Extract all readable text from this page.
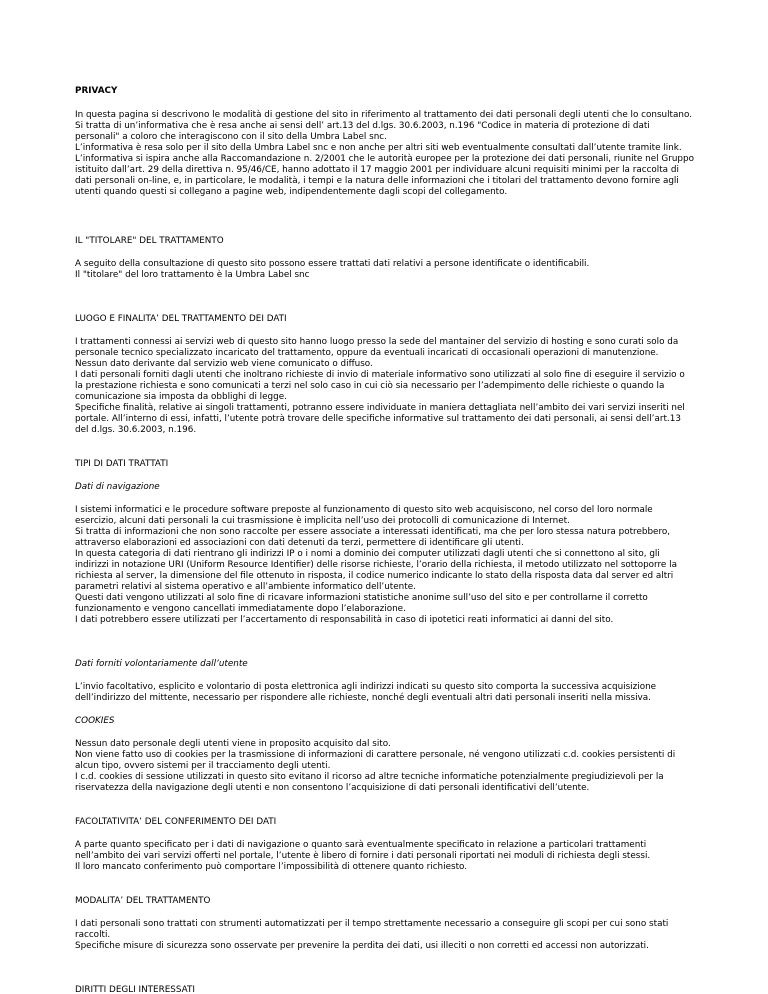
PRIVACY

In questa pagina si descrivono le modalità di gestione del sito in riferimento al trattamento dei dati personali degli utenti che lo consultano.

Si tratta di un’informativa che è resa anche ai sensi dell’ art.13 del d.lgs. 30.6.2003, n.196 "Codice in materia di protezione di dati personali" a coloro che interagiscono con il sito della Umbra Label snc.

L’informativa è resa solo per il sito della Umbra Label snc e non anche per altri siti web eventualmente consultati dall’utente tramite link.

L’informativa si ispira anche alla Raccomandazione n. 2/2001 che le autorità europee per la protezione dei dati personali, riunite nel Gruppo istituito dall’art. 29 della direttiva n. 95/46/CE, hanno adottato il 17 maggio 2001 per individuare alcuni requisiti minimi per la raccolta di dati personali on-line, e, in particolare, le modalità, i tempi e la natura delle informazioni che i titolari del trattamento devono fornire agli utenti quando questi si collegano a pagine web, indipendentemente dagli scopi del collegamento.

IL "TITOLARE" DEL TRATTAMENTO

A seguito della consultazione di questo sito possono essere trattati dati relativi a persone identificate o identificabili.

Il "titolare" del loro trattamento è la Umbra Label snc

LUOGO E FINALITA’ DEL TRATTAMENTO DEI DATI

I trattamenti connessi ai servizi web di questo sito hanno luogo presso la sede del mantainer del servizio di hosting e sono curati solo da personale tecnico specializzato incaricato del trattamento, oppure da eventuali incaricati di occasionali operazioni di manutenzione.

Nessun dato derivante dal servizio web viene comunicato o diffuso.

I dati personali forniti dagli utenti che inoltrano richieste di invio di materiale informativo sono utilizzati al solo fine di eseguire il servizio o la prestazione richiesta e sono comunicati a terzi nel solo caso in cui ciò sia necessario per l’adempimento delle richieste o quando la comunicazione sia imposta da obblighi di legge.

Specifiche finalità, relative ai singoli trattamenti, potranno essere individuate in maniera dettagliata nell’ambito dei vari servizi inseriti nel portale. All’interno di essi, infatti, l’utente potrà trovare delle specifiche informative sul trattamento dei dati personali, ai sensi dell’art.13 del d.lgs. 30.6.2003, n.196.

TIPI DI DATI TRATTATI
Dati di navigazione

I sistemi informatici e le procedure software preposte al funzionamento di questo sito web acquisiscono, nel corso del loro normale esercizio, alcuni dati personali la cui trasmissione è implicita nell’uso dei protocolli di comunicazione di Internet.

Si tratta di informazioni che non sono raccolte per essere associate a interessati identificati, ma che per loro stessa natura potrebbero, attraverso elaborazioni ed associazioni con dati detenuti da terzi, permettere di identificare gli utenti.

In questa categoria di dati rientrano gli indirizzi IP o i nomi a dominio dei computer utilizzati dagli utenti che si connettono al sito, gli indirizzi in notazione URI (Uniform Resource Identifier) delle risorse richieste, l’orario della richiesta, il metodo utilizzato nel sottoporre la richiesta al server, la dimensione del file ottenuto in risposta, il codice numerico indicante lo stato della risposta data dal server ed altri parametri relativi al sistema operativo e all’ambiente informatico dell’utente.

Questi dati vengono utilizzati al solo fine di ricavare informazioni statistiche anonime sull’uso del sito e per controllarne il corretto funzionamento e vengono cancellati immediatamente dopo l’elaborazione.

I dati potrebbero essere utilizzati per l’accertamento di responsabilità in caso di ipotetici reati informatici ai danni del sito.

Dati forniti volontariamente dall’utente

L’invio facoltativo, esplicito e volontario di posta elettronica agli indirizzi indicati su questo sito comporta la successiva acquisizione dell’indirizzo del mittente, necessario per rispondere alle richieste, nonché degli eventuali altri dati personali inseriti nella missiva.

COOKIES

Nessun dato personale degli utenti viene in proposito acquisito dal sito.

Non viene fatto uso di cookies per la trasmissione di informazioni di carattere personale, né vengono utilizzati c.d. cookies persistenti di alcun tipo, ovvero sistemi per il tracciamento degli utenti.

I c.d. cookies di sessione utilizzati in questo sito evitano il ricorso ad altre tecniche informatiche potenzialmente pregiudizievoli per la riservatezza della navigazione degli utenti e non consentono l’acquisizione di dati personali identificativi dell’utente.

FACOLTATIVITA’ DEL CONFERIMENTO DEI DATI

A parte quanto specificato per i dati di navigazione o quanto sarà eventualmente specificato in relazione a particolari trattamenti nell’ambito dei vari servizi offerti nel portale, l’utente è libero di fornire i dati personali riportati nei moduli di richiesta degli stessi.

Il loro mancato conferimento può comportare l’impossibilità di ottenere quanto richiesto.

MODALITA’ DEL TRATTAMENTO

I dati personali sono trattati con strumenti automatizzati per il tempo strettamente necessario a conseguire gli scopi per cui sono stati raccolti.

Specifiche misure di sicurezza sono osservate per prevenire la perdita dei dati, usi illeciti o non corretti ed accessi non autorizzati.

DIRITTI DEGLI INTERESSATI
